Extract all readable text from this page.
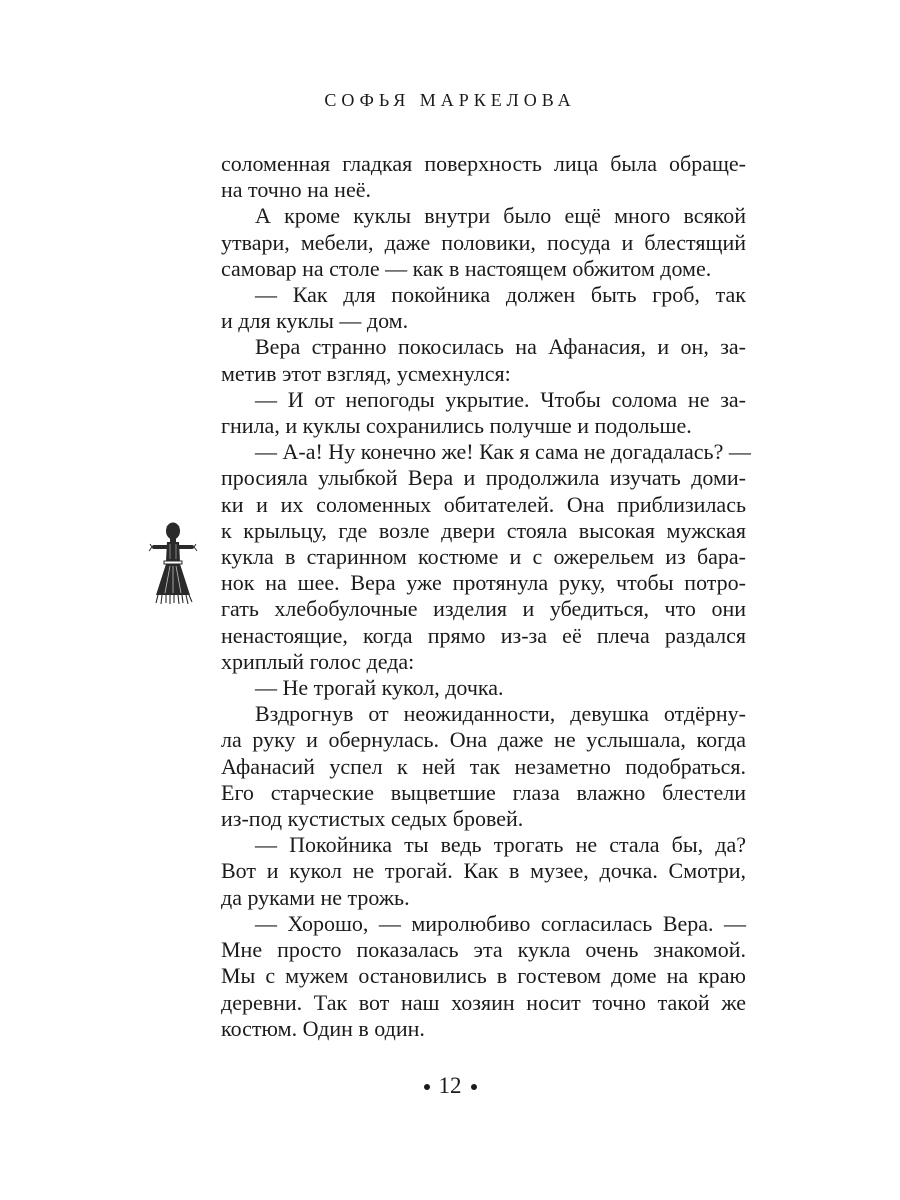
СОФЬЯ МАРКЕЛОВА
соломенная гладкая поверхность лица была обраще-
на точно на неё.
А кроме куклы внутри было ещё много всякой
утвари, мебели, даже половики, посуда и блестящий
самовар на столе — как в настоящем обжитом доме.
— Как для покойника должен быть гроб, так
и для куклы — дом.
Вера странно покосилась на Афанасия, и он, за-
метив этот взгляд, усмехнулся:
— И от непогоды укрытие. Чтобы солома не за-
гнила, и куклы сохранились получше и подольше.
— А-а! Ну конечно же! Как я сама не догадалась? —
просияла улыбкой Вера и продолжила изучать доми-
ки и их соломенных обитателей. Она приблизилась
к крыльцу, где возле двери стояла высокая мужская
кукла в старинном костюме и с ожерельем из бара-
нок на шее. Вера уже протянула руку, чтобы потро-
гать хлебобулочные изделия и убедиться, что они
ненастоящие, когда прямо из-за её плеча раздался
хриплый голос деда:
— Не трогай кукол, дочка.
Вздрогнув от неожиданности, девушка отдёрну-
ла руку и обернулась. Она даже не услышала, когда
Афанасий успел к ней так незаметно подобраться.
Его старческие выцветшие глаза влажно блестели
из-под кустистых седых бровей.
— Покойника ты ведь трогать не стала бы, да?
Вот и кукол не трогай. Как в музее, дочка. Смотри,
да руками не трожь.
— Хорошо, — миролюбиво согласилась Вера. —
Мне просто показалась эта кукла очень знакомой.
Мы с мужем остановились в гостевом доме на краю
деревни. Так вот наш хозяин носит точно такой же
костюм. Один в один.
12
